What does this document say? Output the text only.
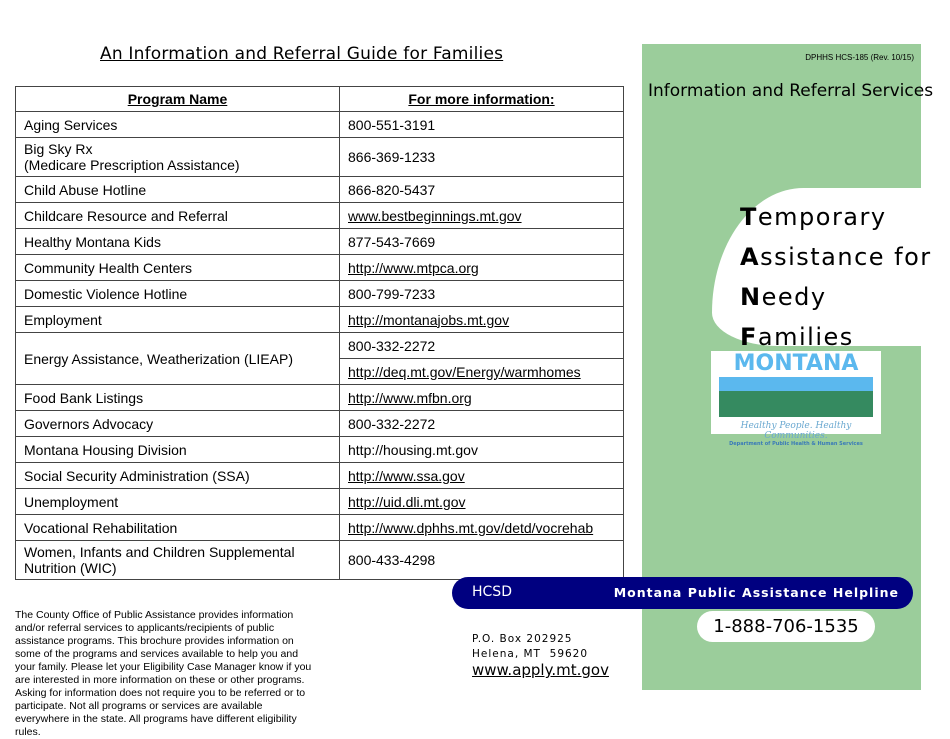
An Information and Referral Guide for Families
Program Name	For more information:
Aging Services	800-551-3191
Big Sky Rx
(Medicare Prescription Assistance)	866-369-1233
Child Abuse Hotline	866-820-5437
Childcare Resource and Referral	www.bestbeginnings.mt.gov
Healthy Montana Kids	877-543-7669
Community Health Centers	http://www.mtpca.org
Domestic Violence Hotline	800-799-7233
Employment	http://montanajobs.mt.gov
Energy Assistance, Weatherization (LIEAP)	800-332-2272
	http://deq.mt.gov/Energy/warmhomes
Food Bank Listings	http://www.mfbn.org
Governors Advocacy	800-332-2272
Montana Housing Division	http://housing.mt.gov
Social Security Administration (SSA)	http://www.ssa.gov
Unemployment	http://uid.dli.mt.gov
Vocational Rehabilitation	http://www.dphhs.mt.gov/detd/vocrehab
Women, Infants and Children Supplemental Nutrition (WIC)	800-433-4298
The County Office of Public Assistance provides information and/or referral services to applicants/recipients of public assistance programs. This brochure provides information on some of the programs and services available to help you and your family. Please let your Eligibility Case Manager know if you are interested in more information on these or other programs. Asking for information does not require you to be referred or to participate. Not all programs or services are available everywhere in the state. All programs have different eligibility rules.
DPHHS HCS-185 (Rev. 10/15)
Information and Referral Services
Temporary
Assistance for
Needy
Families
MONTANA
Healthy People. Healthy Communities.
Department of Public Health & Human Services
HCSD	Montana Public Assistance Helpline
1-888-706-1535
P.O. Box 202925
Helena, MT  59620
www.apply.mt.gov
